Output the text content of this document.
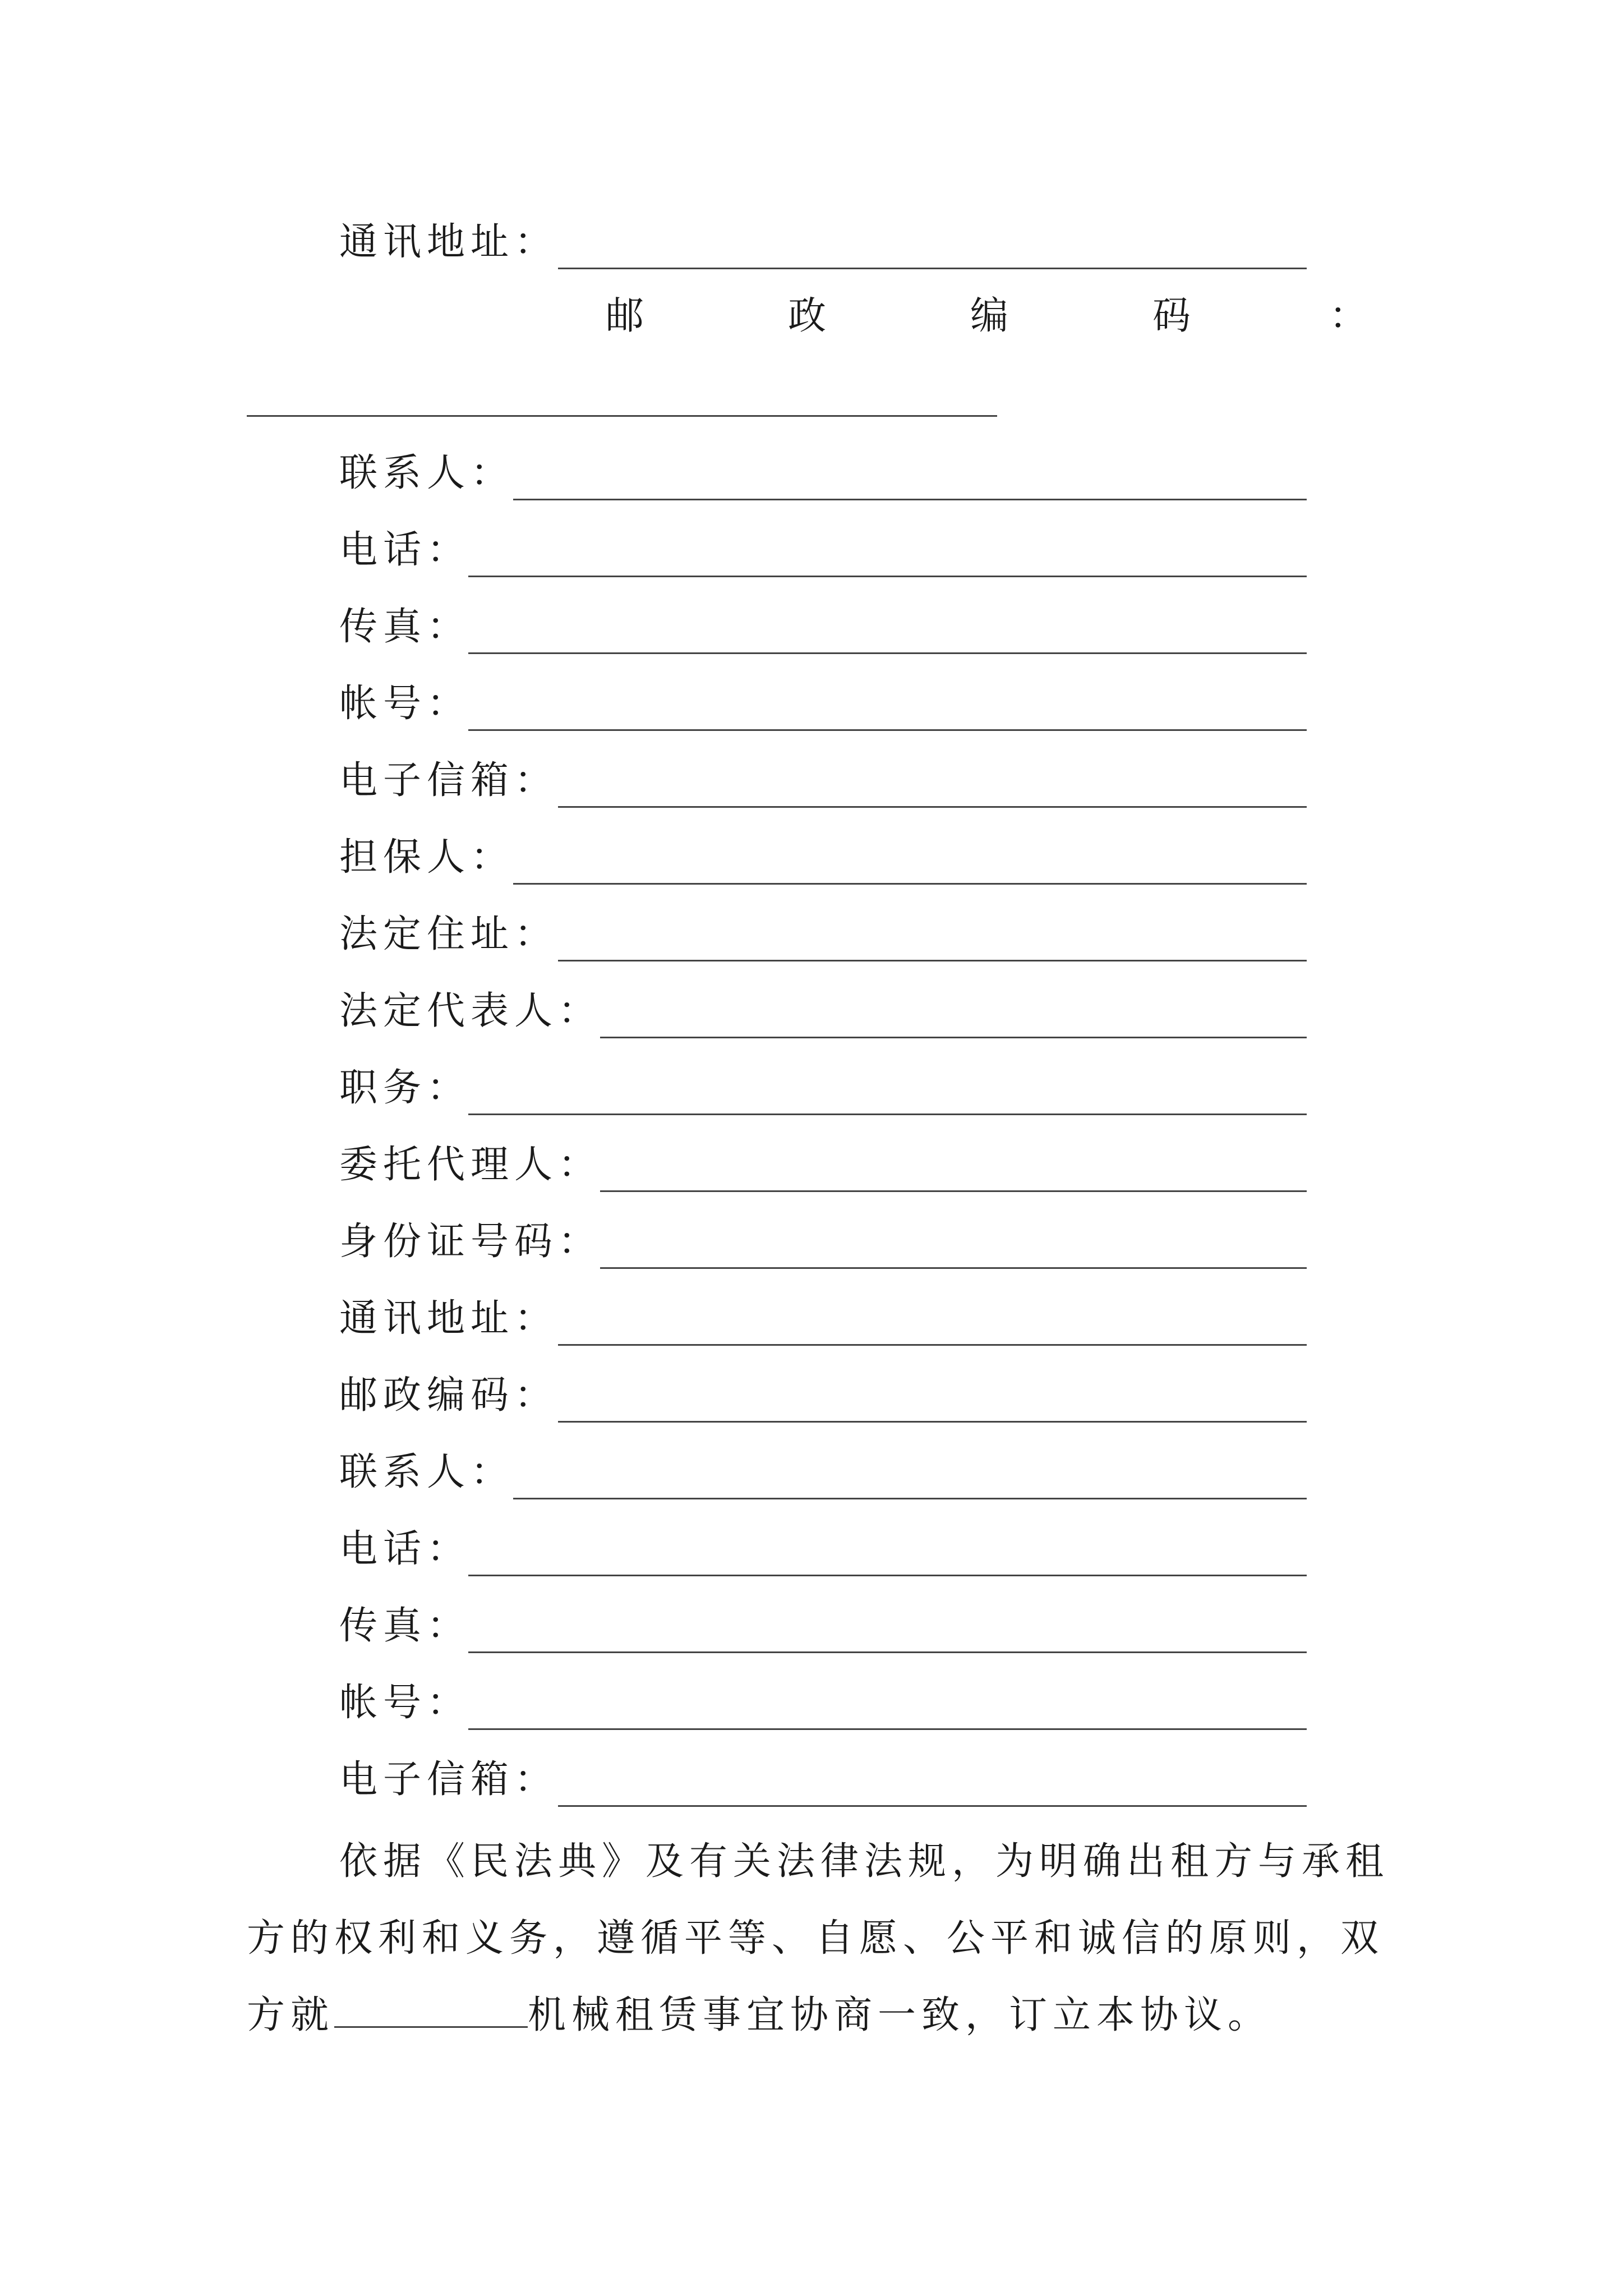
通讯地址：
邮	政	编	码	：
联系人：
电话：
传真：
帐号：
电子信箱：
担保人：
法定住址：
法定代表人：
职务：
委托代理人：
身份证号码：
通讯地址：
邮政编码：
联系人：
电话：
传真：
帐号：
电子信箱：
依据《民法典》及有关法律法规，为明确出租方与承租方的权利和义务，遵循平等、自愿、公平和诚信的原则，双方就	机械租赁事宜协商一致，订立本协议。
